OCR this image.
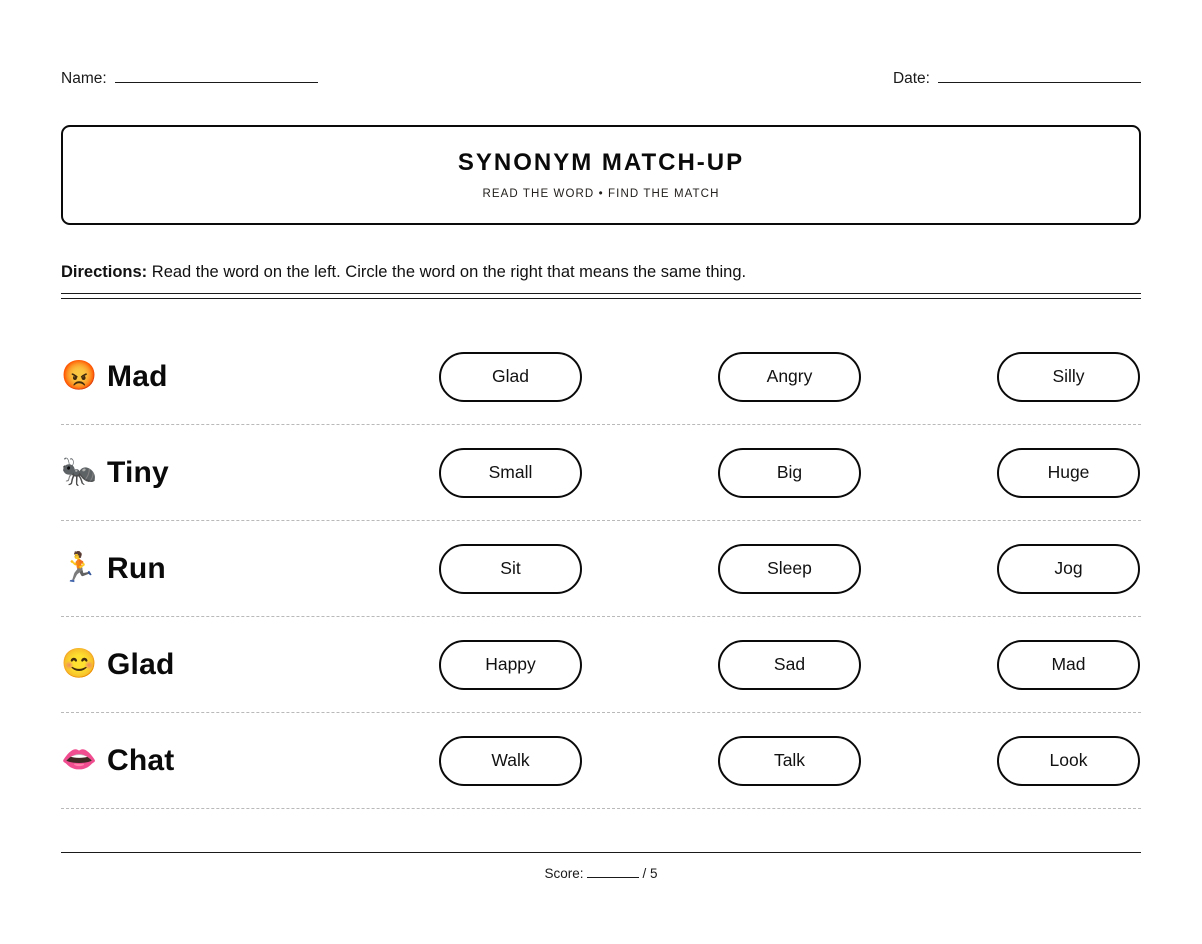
Name:	Date:
SYNONYM MATCH-UP
READ THE WORD • FIND THE MATCH
Directions: Read the word on the left. Circle the word on the right that means the same thing.
😡 Mad	Glad	Angry	Silly
🐜 Tiny	Small	Big	Huge
🏃 Run	Sit	Sleep	Jog
😊 Glad	Happy	Sad	Mad
👄 Chat	Walk	Talk	Look
Score:	/ 5
